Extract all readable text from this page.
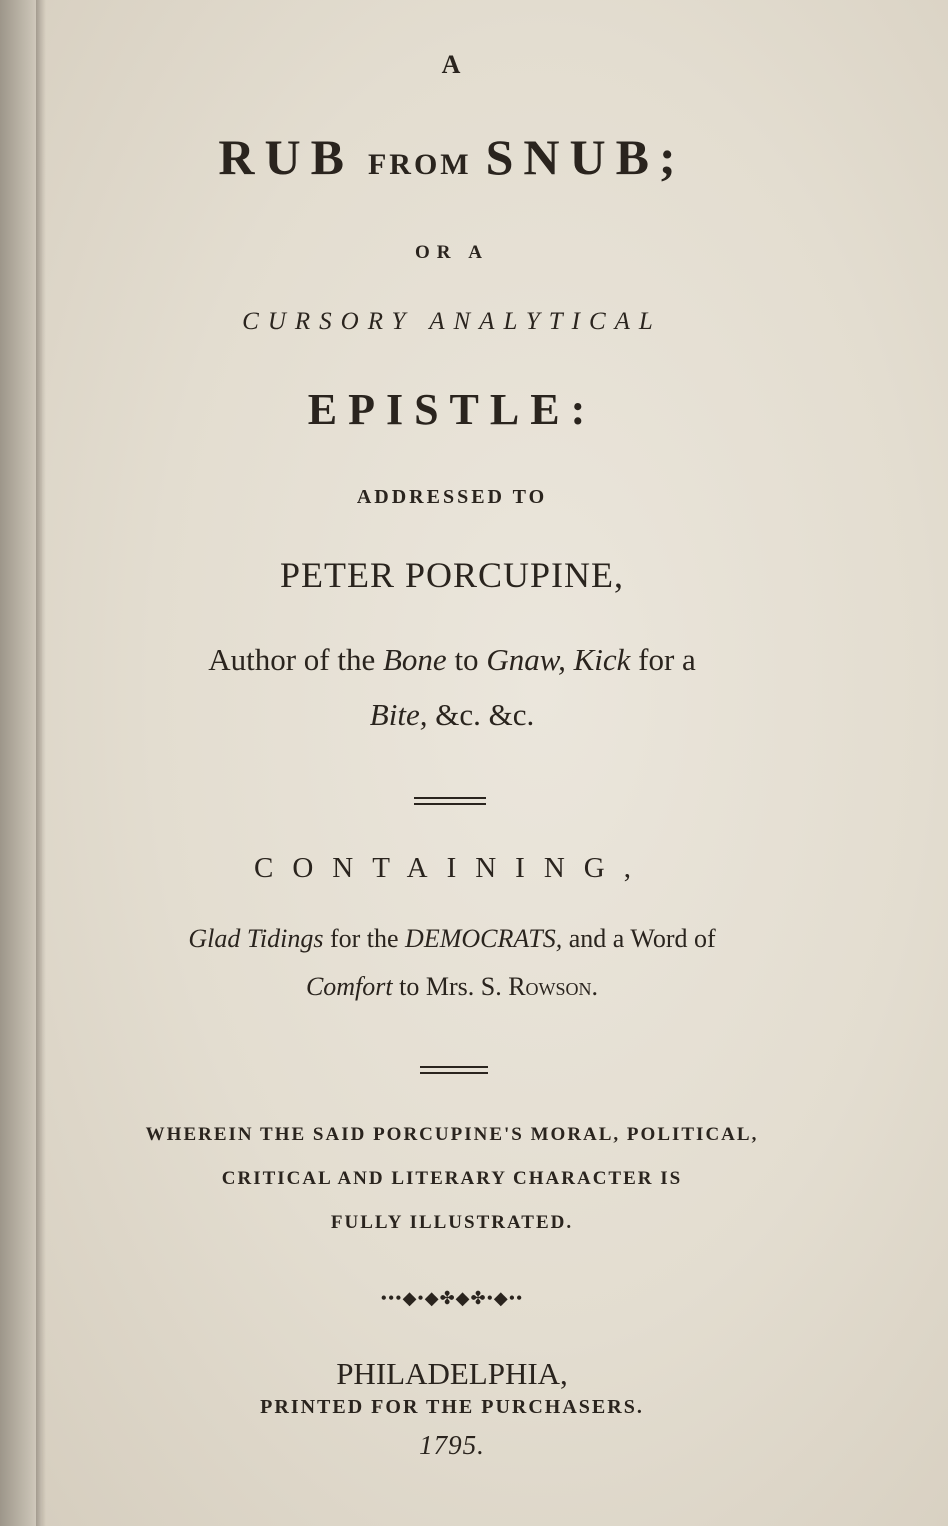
A
RUB FROM SNUB;
OR A
CURSORY ANALYTICAL
EPISTLE:
ADDRESSED TO
PETER PORCUPINE,
Author of the Bone to Gnaw, Kick for a
Bite, &c. &c.
CONTAINING,
Glad Tidings for the DEMOCRATS, and a Word of
Comfort to Mrs. S. Rowson.
WHEREIN THE SAID PORCUPINE'S MORAL, POLITICAL,
CRITICAL AND LITERARY CHARACTER IS
FULLY ILLUSTRATED.
•••◆•◆✤◆✤•◆••
PHILADELPHIA,
PRINTED FOR THE PURCHASERS.
1795.
